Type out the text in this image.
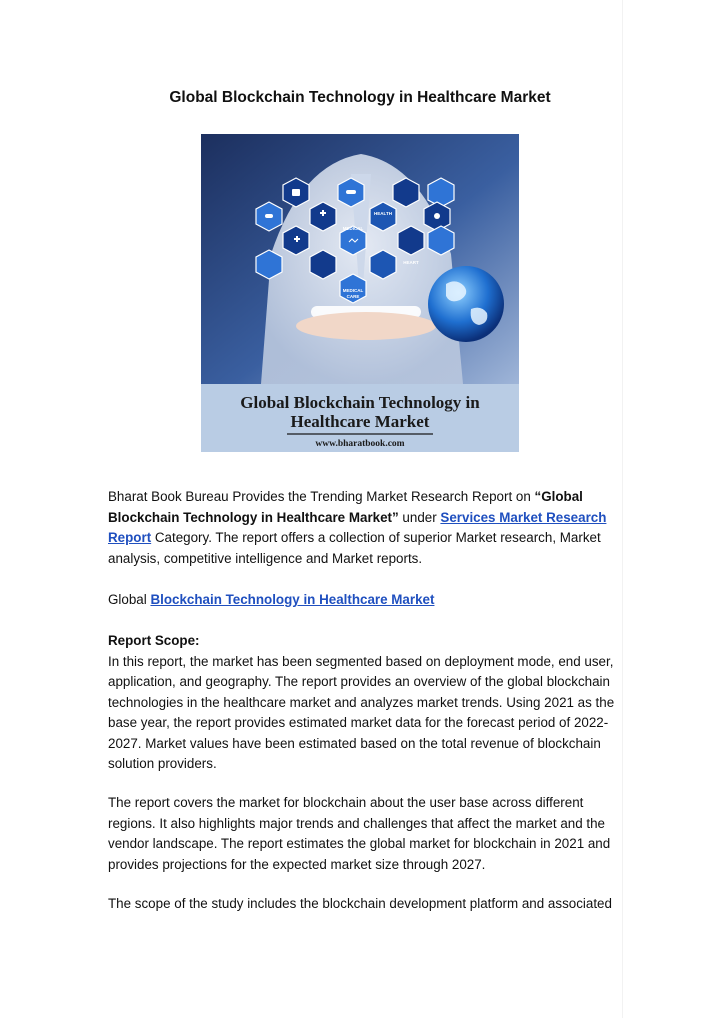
Global Blockchain Technology in Healthcare Market
HEALTH
MEDICAL
HEART
MEDICAL
CARE
Global Blockchain Technology in
Healthcare Market
www.bharatbook.com

Bharat Book Bureau Provides the Trending Market Research Report on “Global Blockchain Technology in Healthcare Market” under Services Market Research
Report Category. The report offers a collection of superior Market research, Market analysis, competitive intelligence and Market reports.

Global Blockchain Technology in Healthcare Market

Report Scope:

In this report, the market has been segmented based on deployment mode, end user, application, and geography. The report provides an overview of the global blockchain technologies in the healthcare market and analyzes market trends. Using 2021 as the base year, the report provides estimated market data for the forecast period of 2022-2027. Market values have been estimated based on the total revenue of blockchain solution providers.

The report covers the market for blockchain about the user base across different regions. It also highlights major trends and challenges that affect the market and the vendor landscape. The report estimates the global market for blockchain in 2021 and provides projections for the expected market size through 2027.

The scope of the study includes the blockchain development platform and associated
